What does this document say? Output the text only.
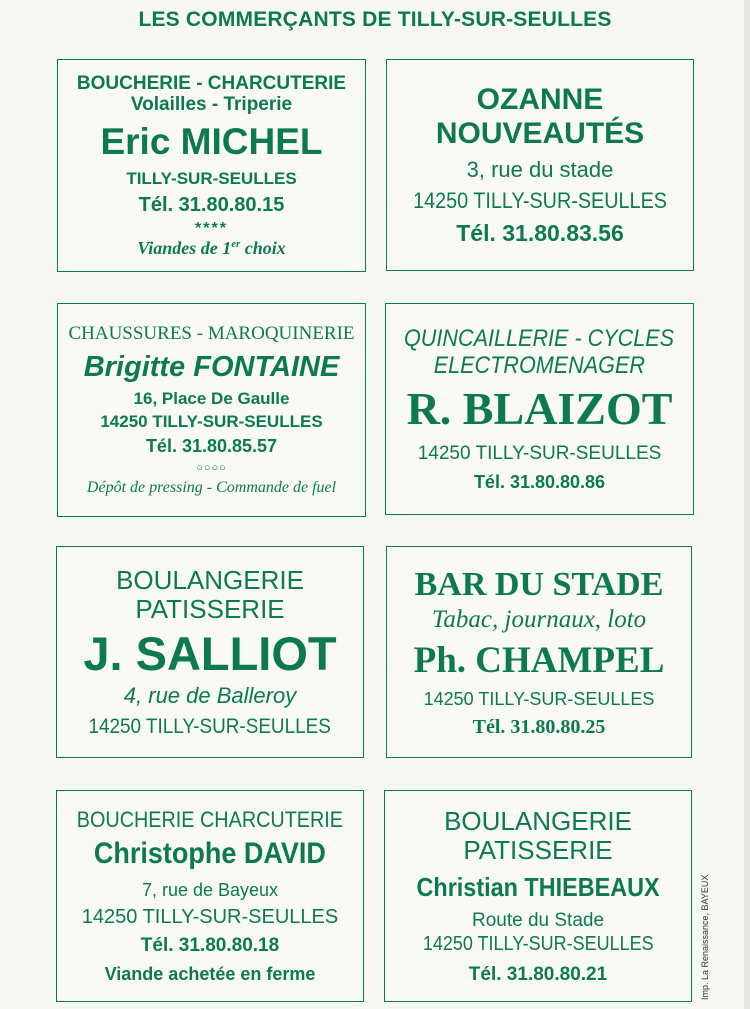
LES COMMERÇANTS DE TILLY-SUR-SEULLES
BOUCHERIE - CHARCUTERIE
Volailles - Triperie
Eric MICHEL
TILLY-SUR-SEULLES
Tél. 31.80.80.15
****
Viandes de 1er choix
OZANNE
NOUVEAUTÉS
3, rue du stade
14250 TILLY-SUR-SEULLES
Tél. 31.80.83.56
CHAUSSURES - MAROQUINERIE
Brigitte FONTAINE
16, Place De Gaulle
14250 TILLY-SUR-SEULLES
Tél. 31.80.85.57
○○○○
Dépôt de pressing - Commande de fuel
QUINCAILLERIE - CYCLES
ELECTROMENAGER
R. BLAIZOT
14250 TILLY-SUR-SEULLES
Tél. 31.80.80.86
BOULANGERIE
PATISSERIE
J. SALLIOT
4, rue de Balleroy
14250 TILLY-SUR-SEULLES
BAR DU STADE
Tabac, journaux, loto
Ph. CHAMPEL
14250 TILLY-SUR-SEULLES
Tél. 31.80.80.25
BOUCHERIE CHARCUTERIE
Christophe DAVID
7, rue de Bayeux
14250 TILLY-SUR-SEULLES
Tél. 31.80.80.18
Viande achetée en ferme
BOULANGERIE
PATISSERIE
Christian THIEBEAUX
Route du Stade
14250 TILLY-SUR-SEULLES
Tél. 31.80.80.21	Imp. La Renaissance, BAYEUX
